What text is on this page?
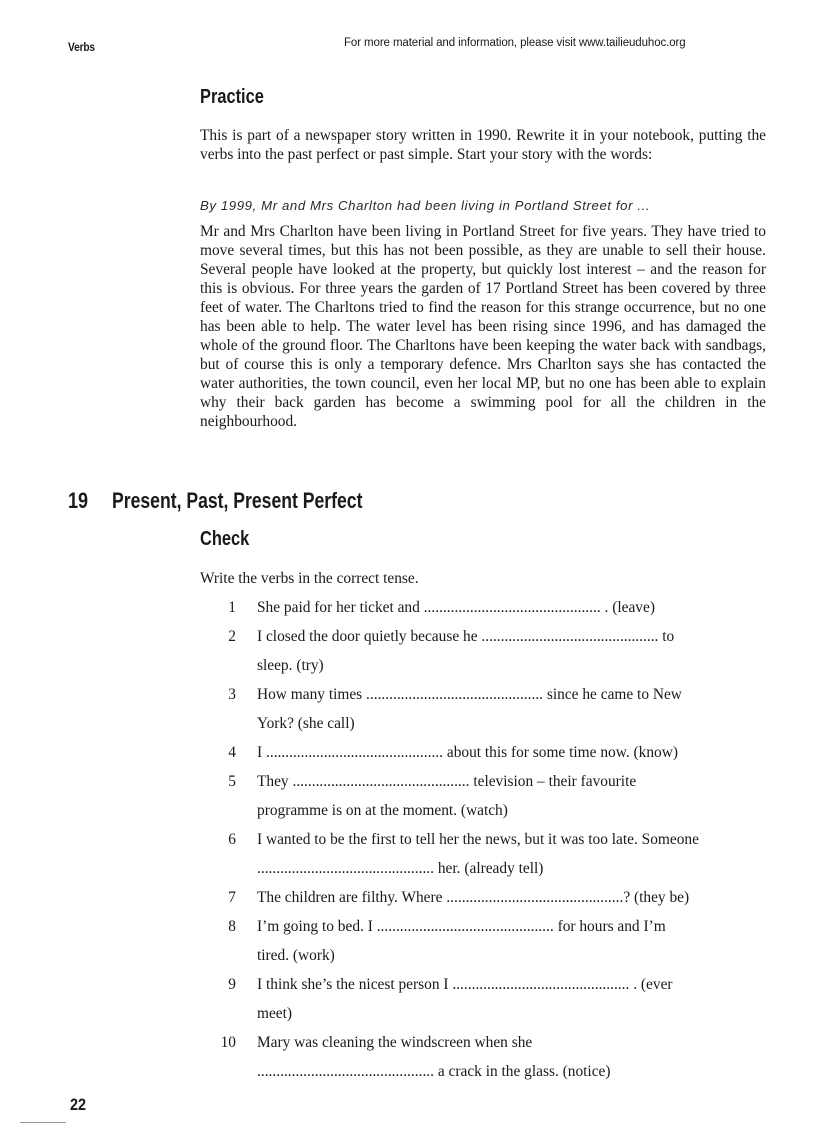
Verbs	For more material and information, please visit www.tailieuduhoc.org
Practice
This is part of a newspaper story written in 1990. Rewrite it in your notebook, putting the verbs into the past perfect or past simple. Start your story with the words:
By 1999, Mr and Mrs Charlton had been living in Portland Street for ...
Mr and Mrs Charlton have been living in Portland Street for five years. They have tried to move several times, but this has not been possible, as they are unable to sell their house. Several people have looked at the property, but quickly lost interest – and the reason for this is obvious. For three years the garden of 17 Portland Street has been covered by three feet of water. The Charltons tried to find the reason for this strange occurrence, but no one has been able to help. The water level has been rising since 1996, and has damaged the whole of the ground floor. The Charltons have been keeping the water back with sandbags, but of course this is only a temporary defence. Mrs Charlton says she has contacted the water authorities, the town council, even her local MP, but no one has been able to explain why their back garden has become a swimming pool for all the children in the neighbourhood.
19 Present, Past, Present Perfect
Check
Write the verbs in the correct tense.
1 She paid for her ticket and .............................................. . (leave)
2 I closed the door quietly because he .............................................. to
sleep. (try)
3 How many times .............................................. since he came to New
York? (she call)
4 I .............................................. about this for some time now. (know)
5 They .............................................. television – their favourite
programme is on at the moment. (watch)
6 I wanted to be the first to tell her the news, but it was too late. Someone
.............................................. her. (already tell)
7 The children are filthy. Where ..............................................? (they be)
8 I’m going to bed. I .............................................. for hours and I’m
tired. (work)
9 I think she’s the nicest person I .............................................. . (ever
meet)
10 Mary was cleaning the windscreen when she
.............................................. a crack in the glass. (notice)
22
